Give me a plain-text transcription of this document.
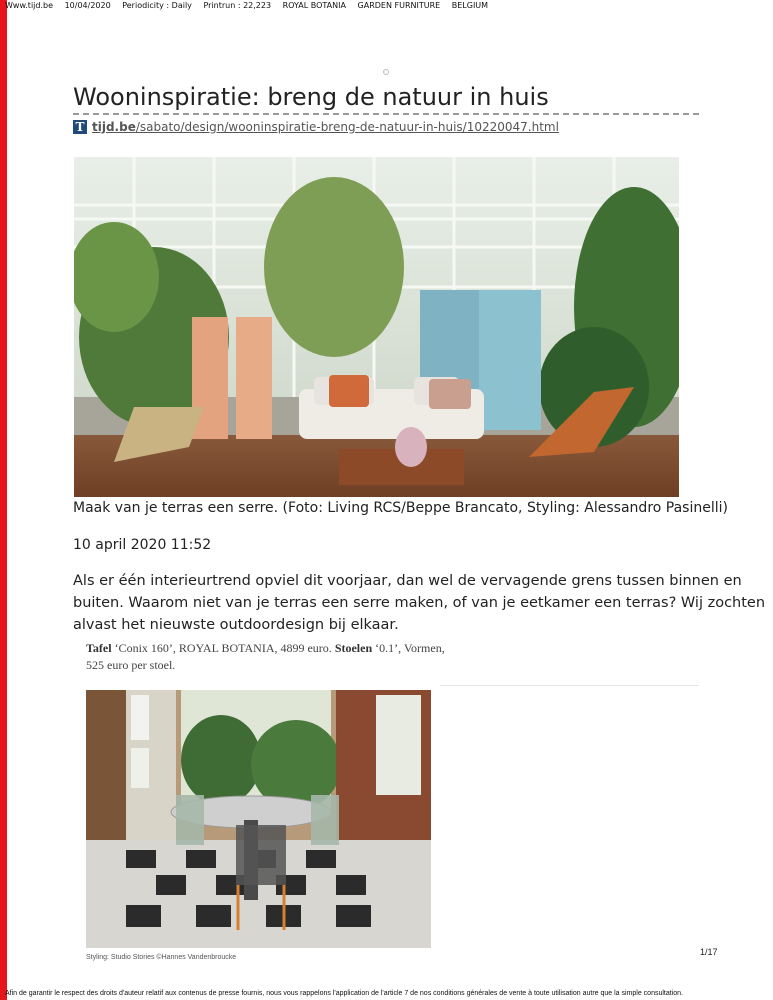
Www.tijd.be 10/04/2020 Periodicity : Daily Printrun : 22,223 ROYAL BOTANIA GARDEN FURNITURE BELGIUM
Wooninspiratie: breng de natuur in huis
T tijd.be/sabato/design/wooninspiratie-breng-de-natuur-in-huis/10220047.html
Maak van je terras een serre. (Foto: Living RCS/Beppe Brancato, Styling: Alessandro Pasinelli)
10 april 2020 11:52

Als er één interieurtrend opviel dit voorjaar, dan wel de vervagende grens tussen binnen en
buiten. Waarom niet van je terras een serre maken, of van je eetkamer een terras? Wij zochten
alvast het nieuwste outdoordesign bij elkaar.

Tafel ‘Conix 160’, ROYAL BOTANIA, 4899 euro. Stoelen ‘0.1’, Vormen,
525 euro per stoel.
Styling: Studio Stories ©Hannes Vandenbroucke
1/17
Afin de garantir le respect des droits d'auteur relatif aux contenus de presse fournis, nous vous rappelons l'application de l'article 7 de nos conditions générales de vente à toute utilisation autre que la simple consultation.
